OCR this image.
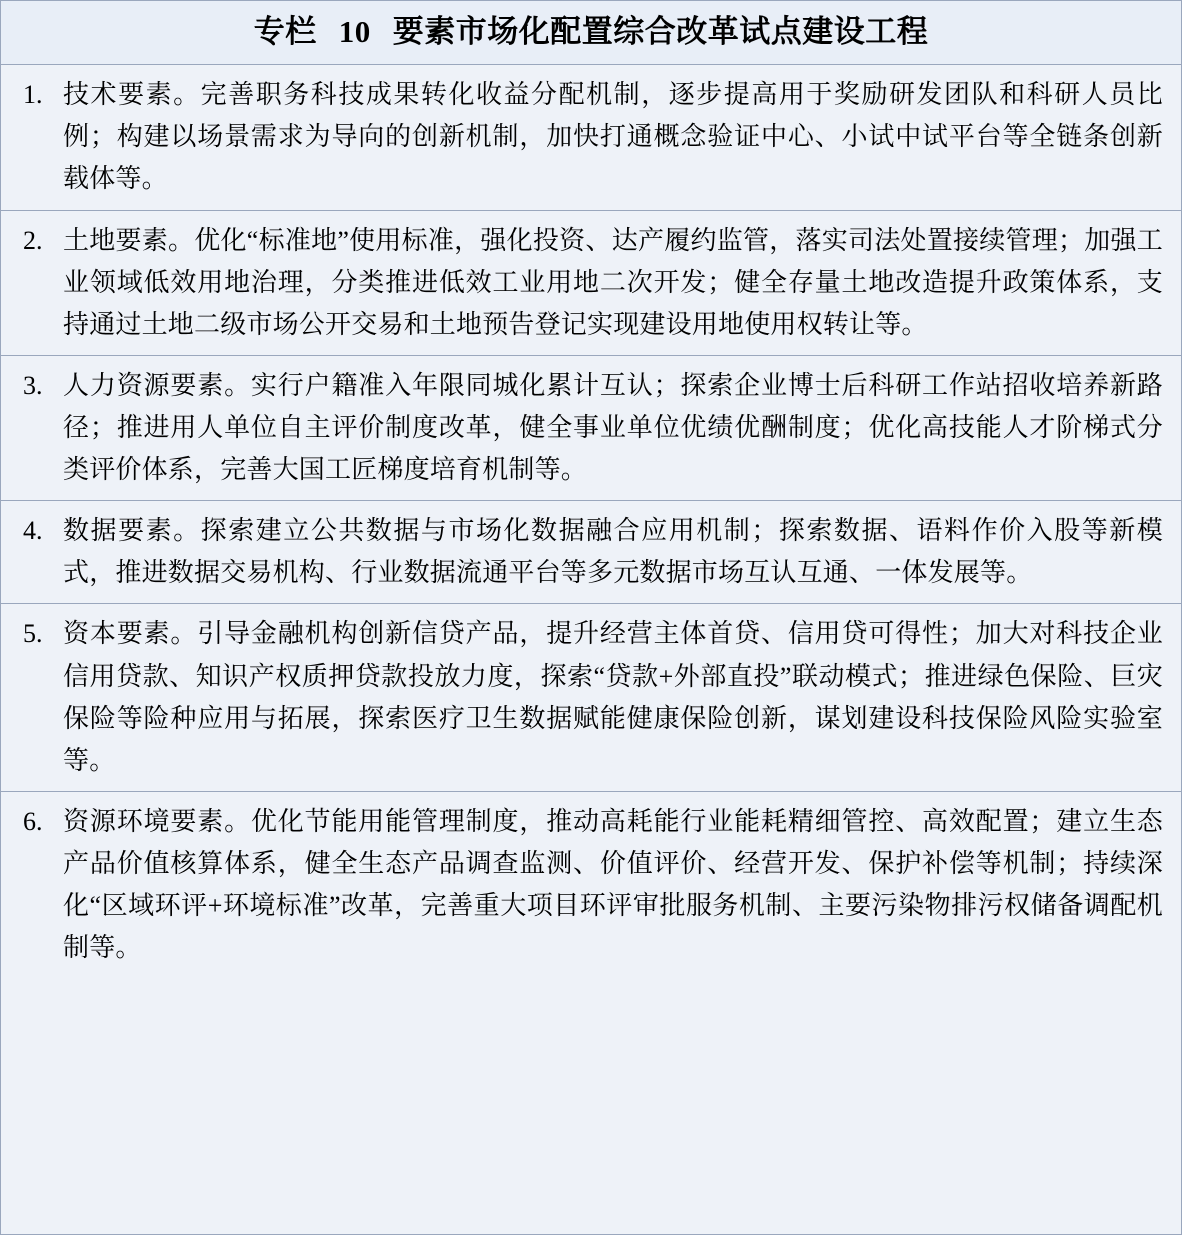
专栏 10 要素市场化配置综合改革试点建设工程
1. 技术要素。完善职务科技成果转化收益分配机制，逐步提高用于奖励研发团队和科研人员比例；构建以场景需求为导向的创新机制，加快打通概念验证中心、小试中试平台等全链条创新载体等。
2. 土地要素。优化“标准地”使用标准，强化投资、达产履约监管，落实司法处置接续管理；加强工业领域低效用地治理，分类推进低效工业用地二次开发；健全存量土地改造提升政策体系，支持通过土地二级市场公开交易和土地预告登记实现建设用地使用权转让等。
3. 人力资源要素。实行户籍准入年限同城化累计互认；探索企业博士后科研工作站招收培养新路径；推进用人单位自主评价制度改革，健全事业单位优绩优酬制度；优化高技能人才阶梯式分类评价体系，完善大国工匠梯度培育机制等。
4. 数据要素。探索建立公共数据与市场化数据融合应用机制；探索数据、语料作价入股等新模式，推进数据交易机构、行业数据流通平台等多元数据市场互认互通、一体发展等。
5. 资本要素。引导金融机构创新信贷产品，提升经营主体首贷、信用贷可得性；加大对科技企业信用贷款、知识产权质押贷款投放力度，探索“贷款+外部直投”联动模式；推进绿色保险、巨灾保险等险种应用与拓展，探索医疗卫生数据赋能健康保险创新，谋划建设科技保险风险实验室等。
6. 资源环境要素。优化节能用能管理制度，推动高耗能行业能耗精细管控、高效配置；建立生态产品价值核算体系，健全生态产品调查监测、价值评价、经营开发、保护补偿等机制；持续深化“区域环评+环境标准”改革，完善重大项目环评审批服务机制、主要污染物排污权储备调配机制等。
